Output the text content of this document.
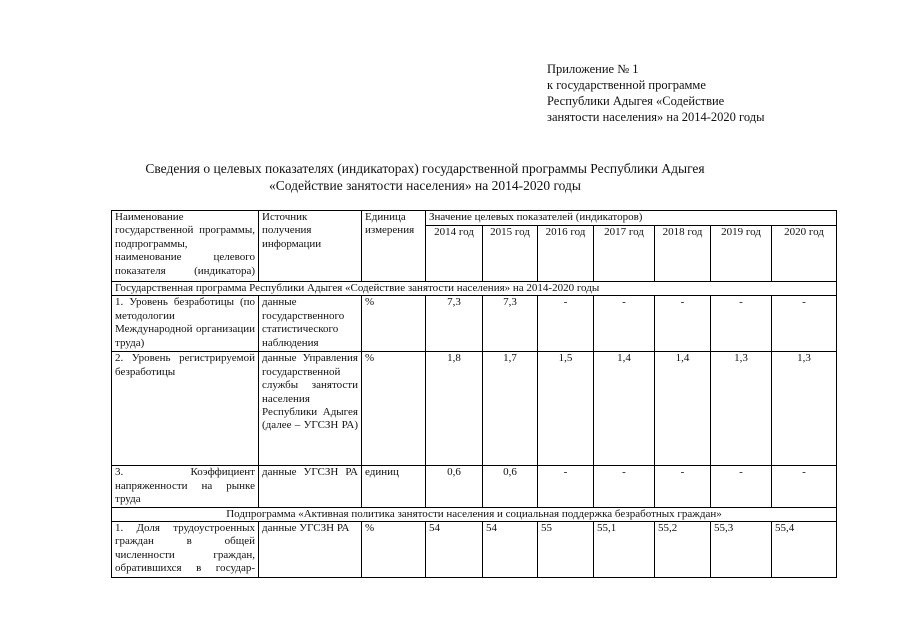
Приложение № 1
к государственной программе
Республики Адыгея «Содействие
занятости населения» на 2014-2020 годы
Сведения о целевых показателях (индикаторах) государственной программы Республики Адыгея
«Содействие занятости населения» на 2014-2020 годы
Наименование государственной программы, подпрограммы, наименование целевого показателя (индикатора)	Источник получения информации	Единица измерения	Значение целевых показателей (индикаторов)						
			2014 год	2015 год	2016 год	2017 год	2018 год	2019 год	2020 год
Государственная программа Республики Адыгея «Содействие занятости населения» на 2014-2020 годы									
1. Уровень безработицы (по методологии Международной организации труда)	данные государственного статистического наблюдения	%	7,3	7,3	-	-	-	-	-
2. Уровень регистрируемой безработицы	данные Управления государственной службы занятости населения Республики Адыгея (далее – УГСЗН РА)	%	1,8	1,7	1,5	1,4	1,4	1,3	1,3
3. Коэффициент напряженности на рынке труда	данные УГСЗН РА	единиц	0,6	0,6	-	-	-	-	-
Подпрограмма «Активная политика занятости населения и социальная поддержка безработных граждан»									
1. Доля трудоустроенных граждан в общей численности граждан, обратившихся в государ-	данные УГСЗН РА	%	54	54	55	55,1	55,2	55,3	55,4
